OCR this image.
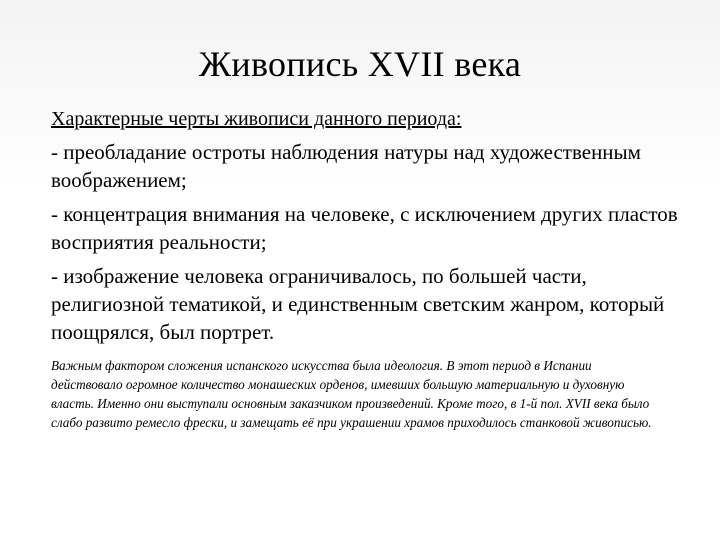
Живопись XVII века

Характерные черты живописи данного периода:

- преобладание остроты наблюдения натуры над художественным воображением;

- концентрация внимания на человеке, с исключением других пластов восприятия реальности;

- изображение человека ограничивалось, по большей части, религиозной тематикой, и единственным светским жанром, который поощрялся, был портрет.

Важным фактором сложения испанского искусства была идеология. В этот период в Испании действовало огромное количество монашеских орденов, имевших большую материальную и духовную власть. Именно они выступали основным заказчиком произведений. Кроме того, в 1-й пол. XVII века было слабо развито ремесло фрески, и замещать её при украшении храмов приходилось станковой живописью.
